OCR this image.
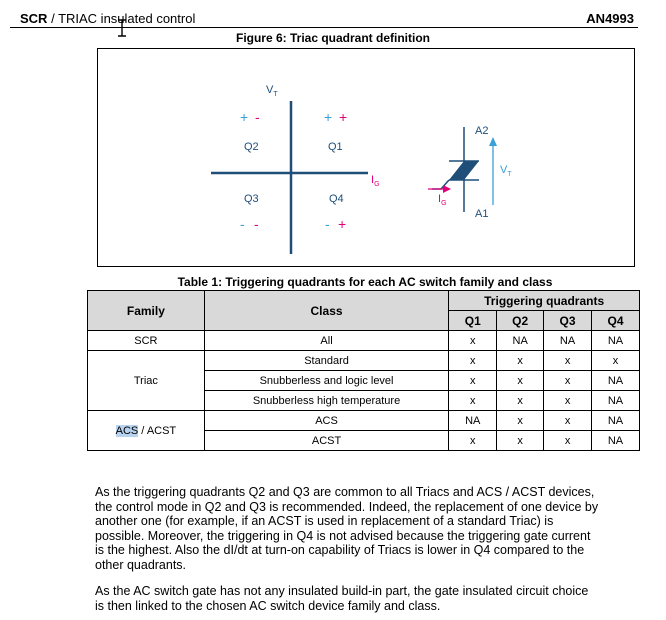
SCR / TRIAC insulated control	AN4993
Figure 6: Triac quadrant definition
$V_T$
$I_G$
+ -
Q2
+ +
Q1
Q3
- -
Q4
- +
A2
A1
$V_T$
$I_G$
Table 1: Triggering quadrants for each AC switch family and class
Family	Class	Triggering quadrants			
		Q1	Q2	Q3	Q4
SCR	All	x	NA	NA	NA
Triac	Standard	x	x	x	x
	Snubberless and logic level	x	x	x	NA
	Snubberless high temperature	x	x	x	NA
ACS / ACST	ACS	NA	x	x	NA
	ACST	x	x	x	NA
As the triggering quadrants Q2 and Q3 are common to all Triacs and ACS / ACST devices,
the control mode in Q2 and Q3 is recommended. Indeed, the replacement of one device by
another one (for example, if an ACST is used in replacement of a standard Triac) is
possible. Moreover, the triggering in Q4 is not advised because the triggering gate current
is the highest. Also the dI/dt at turn-on capability of Triacs is lower in Q4 compared to the
other quadrants.
As the AC switch gate has not any insulated build-in part, the gate insulated circuit choice
is then linked to the chosen AC switch device family and class.
